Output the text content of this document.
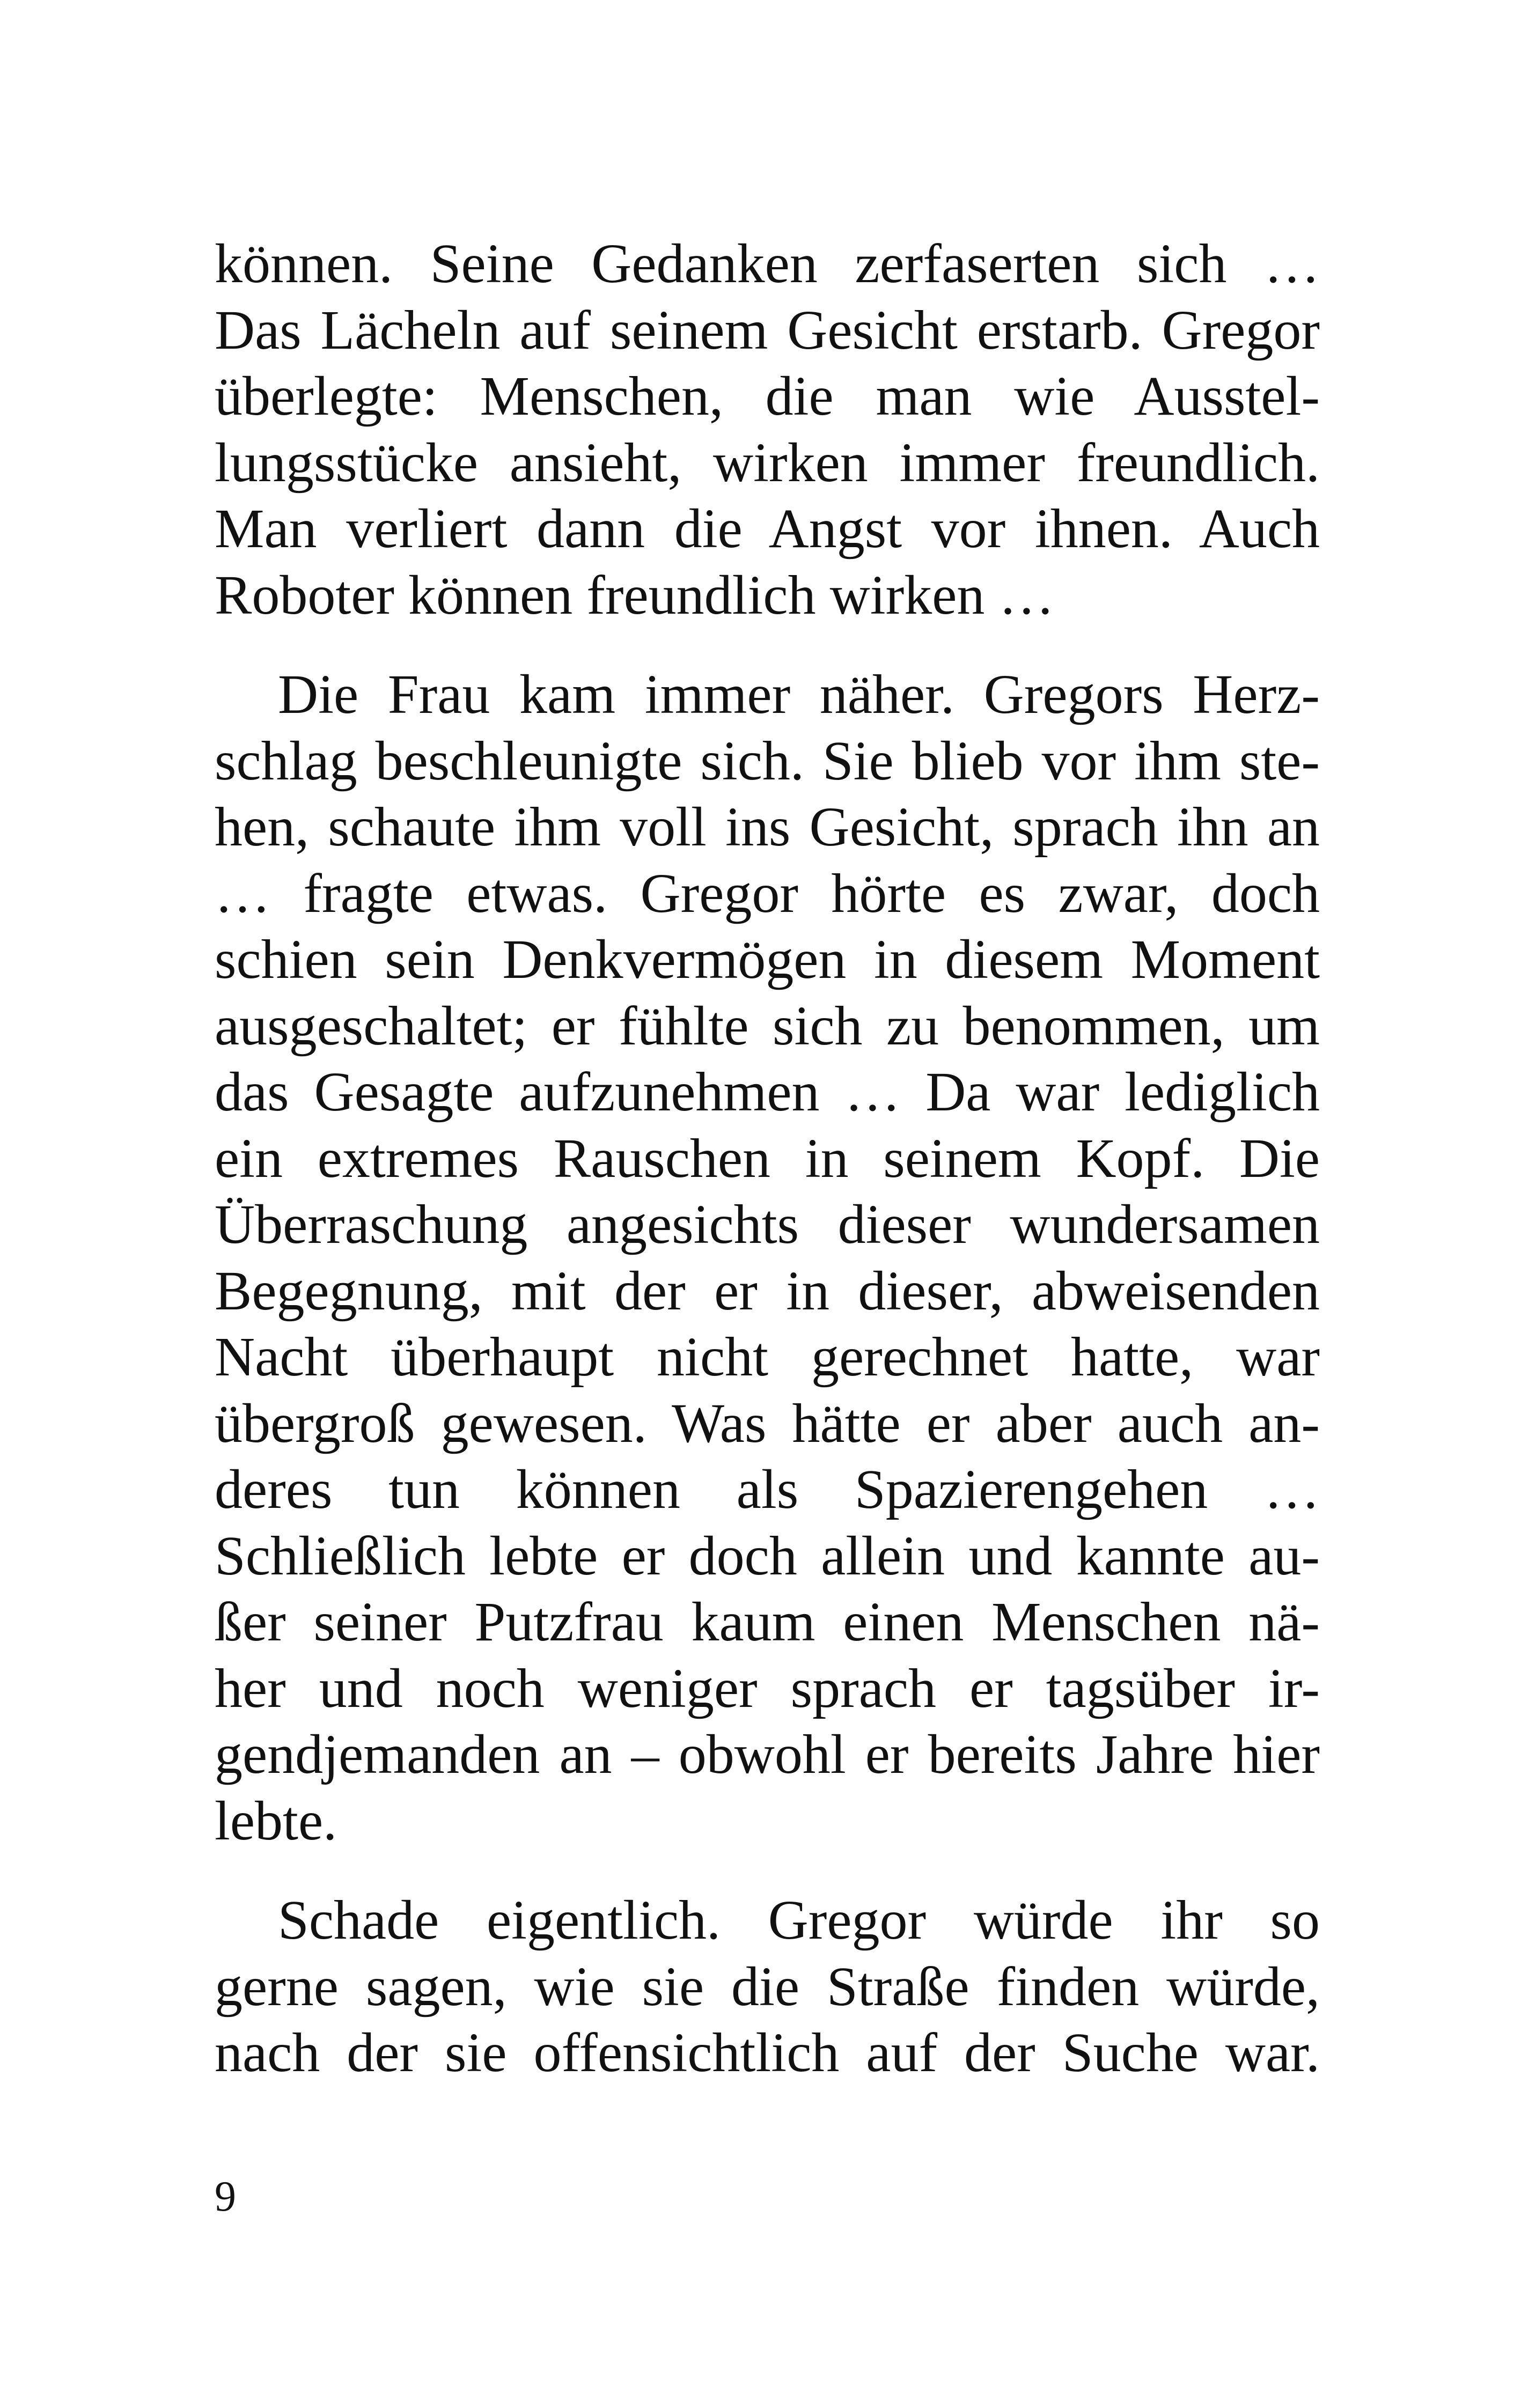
können. Seine Gedanken zerfaserten sich …
Das Lächeln auf seinem Gesicht erstarb. Gregor
überlegte: Menschen, die man wie Ausstel-
lungsstücke ansieht, wirken immer freundlich.
Man verliert dann die Angst vor ihnen. Auch
Roboter können freundlich wirken …
Die Frau kam immer näher. Gregors Herz-
schlag beschleunigte sich. Sie blieb vor ihm ste-
hen, schaute ihm voll ins Gesicht, sprach ihn an
… fragte etwas. Gregor hörte es zwar, doch
schien sein Denkvermögen in diesem Moment
ausgeschaltet; er fühlte sich zu benommen, um
das Gesagte aufzunehmen … Da war lediglich
ein extremes Rauschen in seinem Kopf. Die
Überraschung angesichts dieser wundersamen
Begegnung, mit der er in dieser, abweisenden
Nacht überhaupt nicht gerechnet hatte, war
übergroß gewesen. Was hätte er aber auch an-
deres tun können als Spazierengehen …
Schließlich lebte er doch allein und kannte au-
ßer seiner Putzfrau kaum einen Menschen nä-
her und noch weniger sprach er tagsüber ir-
gendjemanden an – obwohl er bereits Jahre hier
lebte.
Schade eigentlich. Gregor würde ihr so
gerne sagen, wie sie die Straße finden würde,
nach der sie offensichtlich auf der Suche war.
9
